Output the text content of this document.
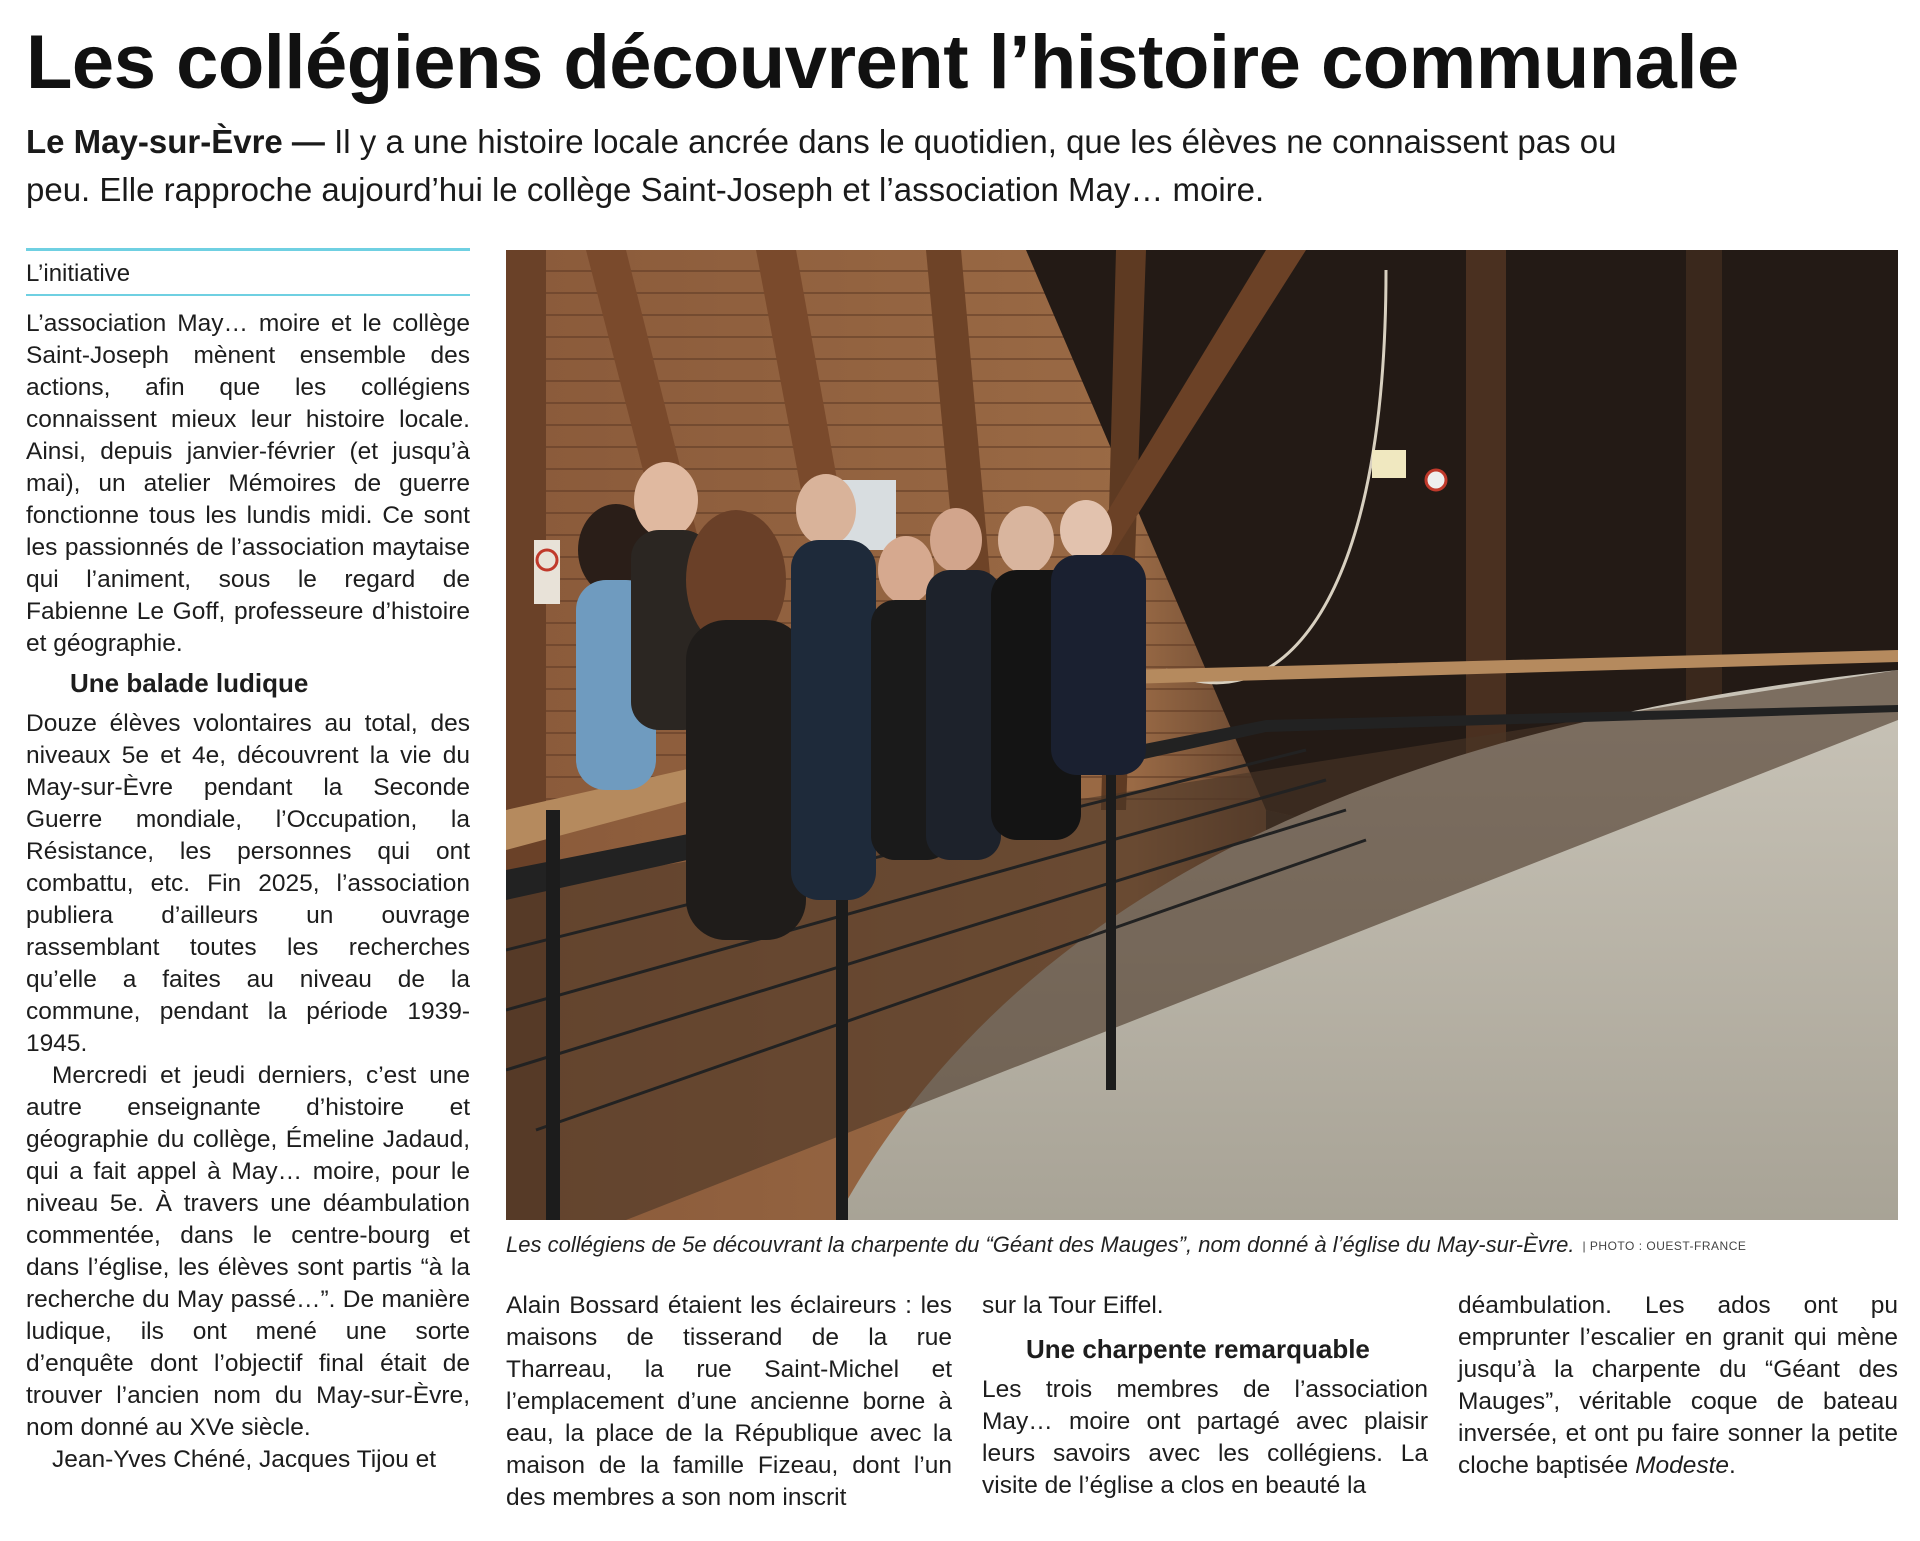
Les collégiens découvrent l’histoire communale
Le May-sur-Èvre — Il y a une histoire locale ancrée dans le quotidien, que les élèves ne connaissent pas ou peu. Elle rapproche aujourd’hui le collège Saint-Joseph et l’association May… moire.
L’initiative

L’association May… moire et le collège Saint-Joseph mènent ensemble des actions, afin que les collégiens connaissent mieux leur histoire locale. Ainsi, depuis janvier-février (et jusqu’à mai), un atelier Mémoires de guerre fonctionne tous les lundis midi. Ce sont les passionnés de l’association maytaise qui l’animent, sous le regard de Fabienne Le Goff, professeure d’histoire et géographie.

Une balade ludique

Douze élèves volontaires au total, des niveaux 5e et 4e, découvrent la vie du May-sur-Èvre pendant la Seconde Guerre mondiale, l’Occupation, la Résistance, les personnes qui ont combattu, etc. Fin 2025, l’association publiera d’ailleurs un ouvrage rassemblant toutes les recherches qu’elle a faites au niveau de la commune, pendant la période 1939-1945.

Mercredi et jeudi derniers, c’est une autre enseignante d’histoire et géographie du collège, Émeline Jadaud, qui a fait appel à May… moire, pour le niveau 5e. À travers une déambulation commentée, dans le centre-bourg et dans l’église, les élèves sont partis “à la recherche du May passé…”. De manière ludique, ils ont mené une sorte d’enquête dont l’objectif final était de trouver l’ancien nom du May-sur-Èvre, nom donné au XVe siècle.

Jean-Yves Chéné, Jacques Tijou et

Les collégiens de 5e découvrant la charpente du “Géant des Mauges”, nom donné à l’église du May-sur-Èvre. | PHOTO : OUEST-FRANCE

Alain Bossard étaient les éclaireurs : les maisons de tisserand de la rue Tharreau, la rue Saint-Michel et l’emplacement d’une ancienne borne à eau, la place de la République avec la maison de la famille Fizeau, dont l’un des membres a son nom inscrit

sur la Tour Eiffel.

Une charpente remarquable

Les trois membres de l’association May… moire ont partagé avec plaisir leurs savoirs avec les collégiens. La visite de l’église a clos en beauté la

déambulation. Les ados ont pu emprunter l’escalier en granit qui mène jusqu’à la charpente du “Géant des Mauges”, véritable coque de bateau inversée, et ont pu faire sonner la petite cloche baptisée Modeste.
